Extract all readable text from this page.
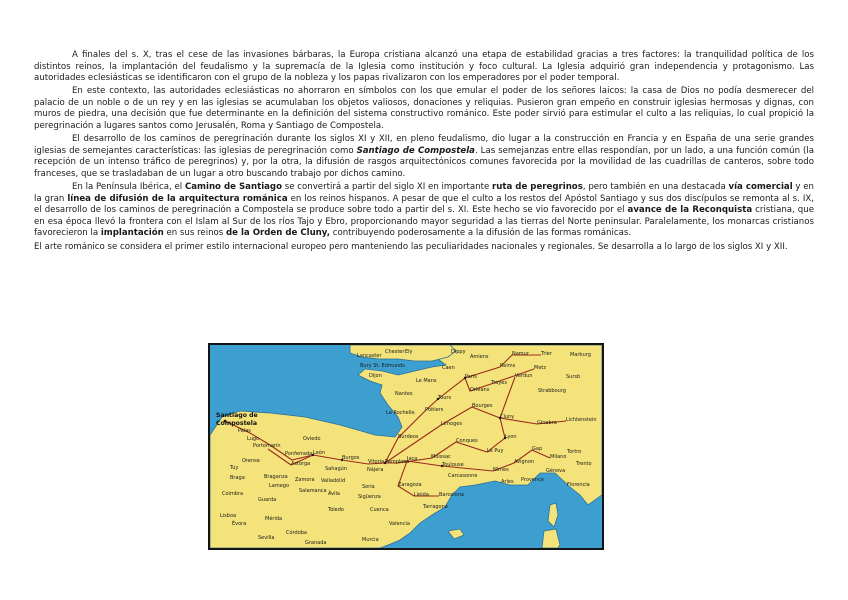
A finales del s. X, tras el cese de las invasiones bárbaras, la Europa cristiana alcanzó una etapa de estabilidad gracias a tres factores: la tranquilidad política de los distintos reinos, la implantación del feudalismo y la supremacía de la Iglesia como institución y foco cultural. La Iglesia adquirió gran independencia y protagonismo. Las autoridades eclesiásticas se identificaron con el grupo de la nobleza y los papas rivalizaron con los emperadores por el poder temporal.

En este contexto, las autoridades eclesiásticas no ahorraron en símbolos con los que emular el poder de los señores laicos: la casa de Dios no podía desmerecer del palacio de un noble o de un rey y en las iglesias se acumulaban los objetos valiosos, donaciones y reliquias. Pusieron gran empeño en construir iglesias hermosas y dignas, con muros de piedra, una decisión que fue determinante en la definición del sistema constructivo románico. Este poder sirvió para estimular el culto a las reliquias, lo cual propició la peregrinación a lugares santos como Jerusalén, Roma y Santiago de Compostela.

El desarrollo de los caminos de peregrinación durante los siglos XI y XII, en pleno feudalismo, dio lugar a la construcción en Francia y en España de una serie grandes iglesias de semejantes características: las iglesias de peregrinación como Santiago de Compostela. Las semejanzas entre ellas respondían, por un lado, a una función común (la recepción de un intenso tráfico de peregrinos) y, por la otra, la difusión de rasgos arquitectónicos comunes favorecida por la movilidad de las cuadrillas de canteros, sobre todo franceses, que se trasladaban de un lugar a otro buscando trabajo por dichos camino.

En la Península Ibérica, el Camino de Santiago se convertirá a partir del siglo XI en importante ruta de peregrinos, pero también en una destacada vía comercial y en la gran línea de difusión de la arquitectura románica en los reinos hispanos. A pesar de que el culto a los restos del Apóstol Santiago y sus dos discípulos se remonta al s. IX, el desarrollo de los caminos de peregrinación a Compostela se produce sobre todo a partir del s. XI. Este hecho se vio favorecido por el avance de la Reconquista cristiana, que en esa época llevó la frontera con el Islam al Sur de los ríos Tajo y Ebro, proporcionando mayor seguridad a las tierras del Norte peninsular. Paralelamente, los monarcas cristianos favorecieron la implantación en sus reinos de la Orden de Cluny, contribuyendo poderosamente a la difusión de las formas románicas.

El arte románico se considera el primer estilo internacional europeo pero manteniendo las peculiaridades nacionales y regionales. Se desarrolla a lo largo de los siglos XI y XII.

Lancaster
Bury St. Edmunds
Ely
Chester	Dippy
Amiens	Namur Trier	Marburg
Dijon
Caen	Reims	Metz
Paris	Verdun	Sursb
Le Mans	Troyes
Nantes
Tours
Orléans	Strabbourg
Poitiers
Bourges
Cluny
La Rochelle
Ginebra Lichtenstein
Limoges
Burdeos	Lyon
Conques
Gap	Tortro
Milano
Trento
Le Puy
Moissac
Avignon
Pamplona	Toulouse
Nîmes	Génova
Oviedo
León
Burgos	Jaca
Sahagún
Vitoria
Nájera
Carcasonne
Arles Provence
Florencia
Astorga
Ponferrada
Portomarín
Lugo
Palas
Orense
Tuy
Braga	Braganza Zamora Valladolid
Soria	Zaragoza
Lleida Barcelona
Lamego
Salamanca Ávila	Sigüenza
Tarragona
Coimbra
Guarda
Toledo	Cuenca
Lisboa
Évora
Mérida
Valencia
Córdoba
Sevilla
Granada	Murcia
Santiago de
Compostela
